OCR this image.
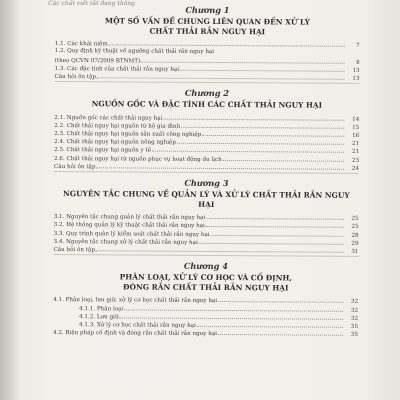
Các chất viết tắt đang thông
Chương 1
MỘT SỐ VẤN ĐỀ CHUNG LIÊN QUAN ĐẾN XỬ LÝ
CHẤT THẢI RẮN NGUY HẠI
1.1. Các khái niệm	7
1.2. Quy định kỹ thuật về ngưỡng chất thải rắn nguy hại
(theo QCVN 07/2009 BTNMT)	8
1.3. Các đặc tính của chất thải rắn nguy hại	13
Câu hỏi ôn tập	13
Chương 2
NGUỒN GỐC VÀ ĐẶC TÍNH CÁC CHẤT THẢI NGUY HẠI
2.1. Nguồn gốc các chất thải nguy hại	14
2.2. Chất thải nguy hại nguồn từ hộ gia đình	15
2.3. Chất thải nguy hại nguồn sản xuất công nghiệp	16
2.4. Chất thải nguy hại nguồn nông nghiệp	21
2.5. Chất thải nguy hại nguồn y tế	21
2.6. Chất thải nguy hại từ nguồn phục vụ hoạt động du lịch	23
Câu hỏi ôn tập	24
Chương 3
NGUYÊN TẮC CHUNG VỀ QUẢN LÝ VÀ XỬ LÝ CHẤT THẢI RẮN NGUY HẠI
3.1. Nguyên tắc chung quản lý chất thải rắn nguy hại	25
3.2. Hệ thống quản lý kỹ thuật chất thải rắn nguy hại	25
3.3. Quy trình quản lý kiểm soát chất thải rắn nguy hại	28
3.4. Nguyên tắc chung xử lý chất thải rắn nguy hại	29
Câu hỏi ôn tập	31
Chương 4
PHÂN LOẠI, XỬ LÝ CƠ HỌC VÀ CỐ ĐỊNH,
ĐÓNG RẮN CHẤT THẢI RẮN NGUY HẠI
4.1. Phân loại, lưu giữ, xử lý cơ học chất thải rắn nguy hại	32
4.1.1. Phân loại	32
4.1.2. Lưu giữ	32
4.1.3. Xử lý cơ học chất thải rắn nguy hại	35
4.2. Biện pháp cố định và đóng rắn chất thải rắn nguy hại	35
